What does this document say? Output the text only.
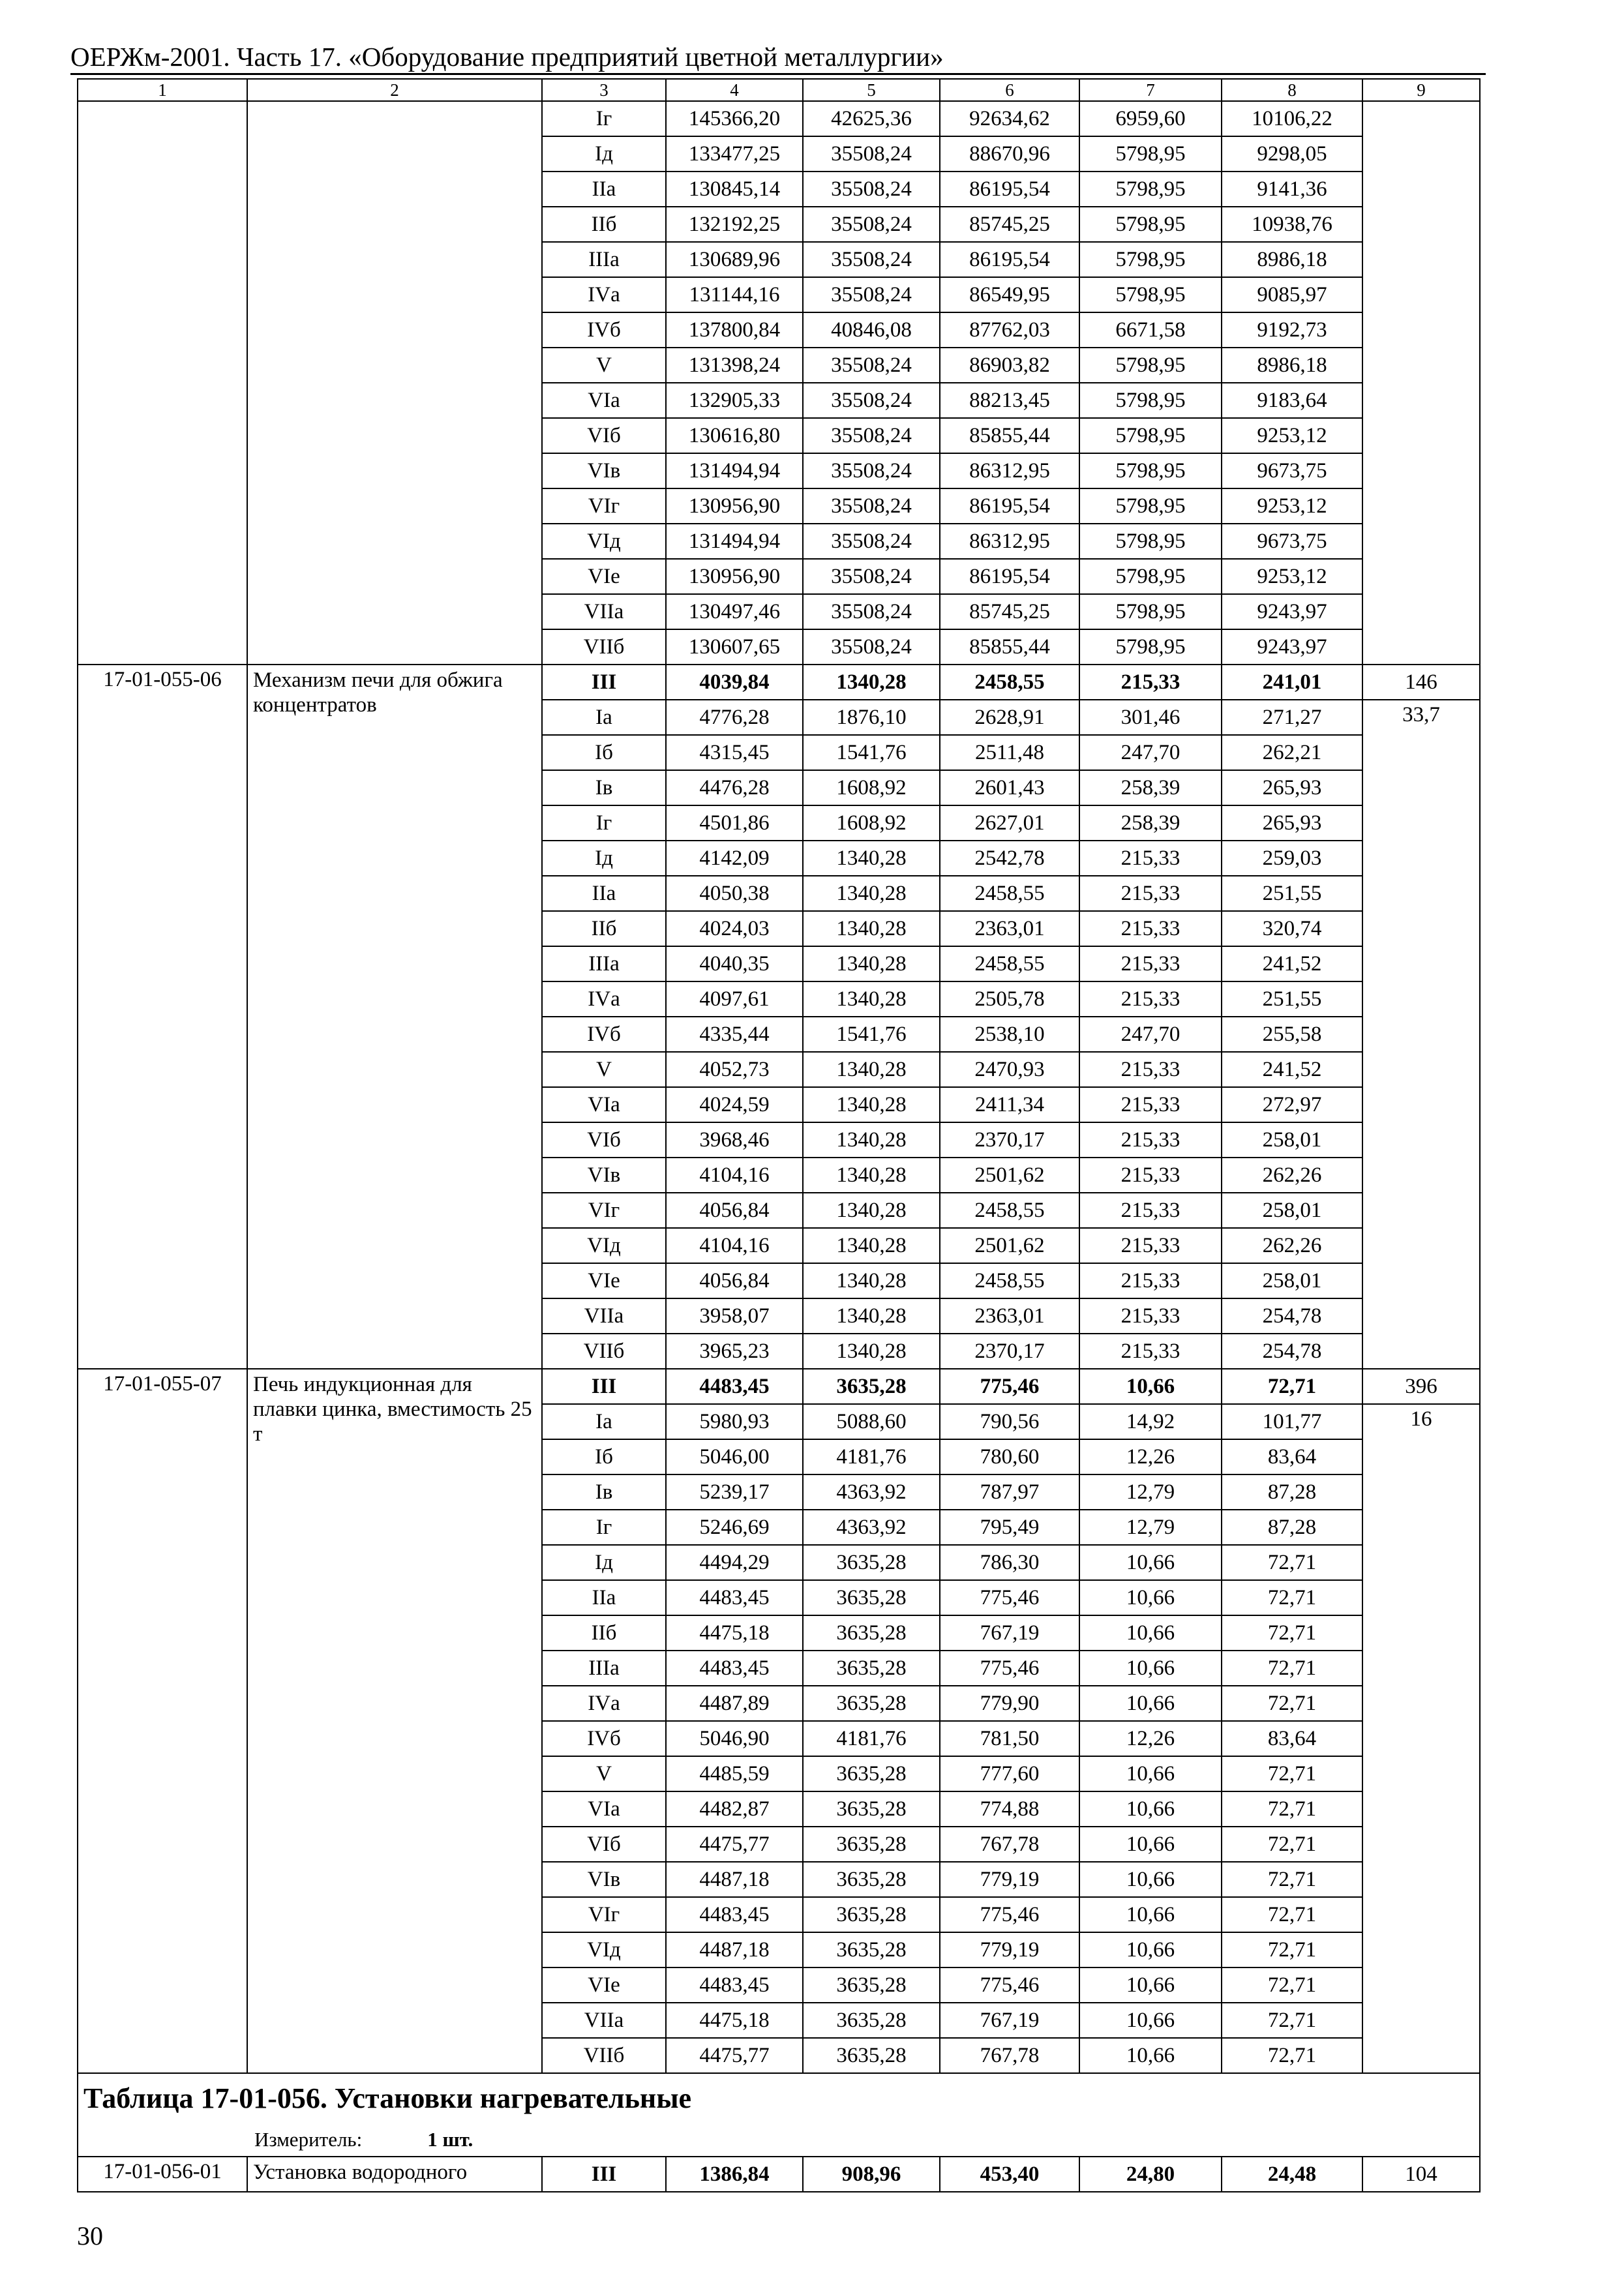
ОЕРЖм-2001. Часть 17. «Оборудование предприятий цветной металлургии»
1	2	3	4	5	6	7	8	9
		Iг	145366,20	42625,36	92634,62	6959,60	10106,22	
		Iд	133477,25	35508,24	88670,96	5798,95	9298,05	
		IIа	130845,14	35508,24	86195,54	5798,95	9141,36	
		IIб	132192,25	35508,24	85745,25	5798,95	10938,76	
		IIIа	130689,96	35508,24	86195,54	5798,95	8986,18	
		IVа	131144,16	35508,24	86549,95	5798,95	9085,97	
		IVб	137800,84	40846,08	87762,03	6671,58	9192,73	
		V	131398,24	35508,24	86903,82	5798,95	8986,18	
		VIа	132905,33	35508,24	88213,45	5798,95	9183,64	
		VIб	130616,80	35508,24	85855,44	5798,95	9253,12	
		VIв	131494,94	35508,24	86312,95	5798,95	9673,75	
		VIг	130956,90	35508,24	86195,54	5798,95	9253,12	
		VIд	131494,94	35508,24	86312,95	5798,95	9673,75	
		VIе	130956,90	35508,24	86195,54	5798,95	9253,12	
		VIIа	130497,46	35508,24	85745,25	5798,95	9243,97	
		VIIб	130607,65	35508,24	85855,44	5798,95	9243,97	
17-01-055-06	Механизм печи для обжига концентратов	III	4039,84	1340,28	2458,55	215,33	241,01	146
		Iа	4776,28	1876,10	2628,91	301,46	271,27	33,7
		Iб	4315,45	1541,76	2511,48	247,70	262,21	
		Iв	4476,28	1608,92	2601,43	258,39	265,93	
		Iг	4501,86	1608,92	2627,01	258,39	265,93	
		Iд	4142,09	1340,28	2542,78	215,33	259,03	
		IIа	4050,38	1340,28	2458,55	215,33	251,55	
		IIб	4024,03	1340,28	2363,01	215,33	320,74	
		IIIа	4040,35	1340,28	2458,55	215,33	241,52	
		IVа	4097,61	1340,28	2505,78	215,33	251,55	
		IVб	4335,44	1541,76	2538,10	247,70	255,58	
		V	4052,73	1340,28	2470,93	215,33	241,52	
		VIа	4024,59	1340,28	2411,34	215,33	272,97	
		VIб	3968,46	1340,28	2370,17	215,33	258,01	
		VIв	4104,16	1340,28	2501,62	215,33	262,26	
		VIг	4056,84	1340,28	2458,55	215,33	258,01	
		VIд	4104,16	1340,28	2501,62	215,33	262,26	
		VIе	4056,84	1340,28	2458,55	215,33	258,01	
		VIIа	3958,07	1340,28	2363,01	215,33	254,78	
		VIIб	3965,23	1340,28	2370,17	215,33	254,78	
17-01-055-07	Печь индукционная для плавки цинка, вместимость 25 т	III	4483,45	3635,28	775,46	10,66	72,71	396
		Iа	5980,93	5088,60	790,56	14,92	101,77	16
		Iб	5046,00	4181,76	780,60	12,26	83,64	
		Iв	5239,17	4363,92	787,97	12,79	87,28	
		Iг	5246,69	4363,92	795,49	12,79	87,28	
		Iд	4494,29	3635,28	786,30	10,66	72,71	
		IIа	4483,45	3635,28	775,46	10,66	72,71	
		IIб	4475,18	3635,28	767,19	10,66	72,71	
		IIIа	4483,45	3635,28	775,46	10,66	72,71	
		IVа	4487,89	3635,28	779,90	10,66	72,71	
		IVб	5046,90	4181,76	781,50	12,26	83,64	
		V	4485,59	3635,28	777,60	10,66	72,71	
		VIа	4482,87	3635,28	774,88	10,66	72,71	
		VIб	4475,77	3635,28	767,78	10,66	72,71	
		VIв	4487,18	3635,28	779,19	10,66	72,71	
		VIг	4483,45	3635,28	775,46	10,66	72,71	
		VIд	4487,18	3635,28	779,19	10,66	72,71	
		VIе	4483,45	3635,28	775,46	10,66	72,71	
		VIIа	4475,18	3635,28	767,19	10,66	72,71	
		VIIб	4475,77	3635,28	767,78	10,66	72,71	
Таблица 17-01-056. Установки нагревательные								
Измеритель: 1 шт.								
17-01-056-01	Установка водородного	III	1386,84	908,96	453,40	24,80	24,48	104
30
